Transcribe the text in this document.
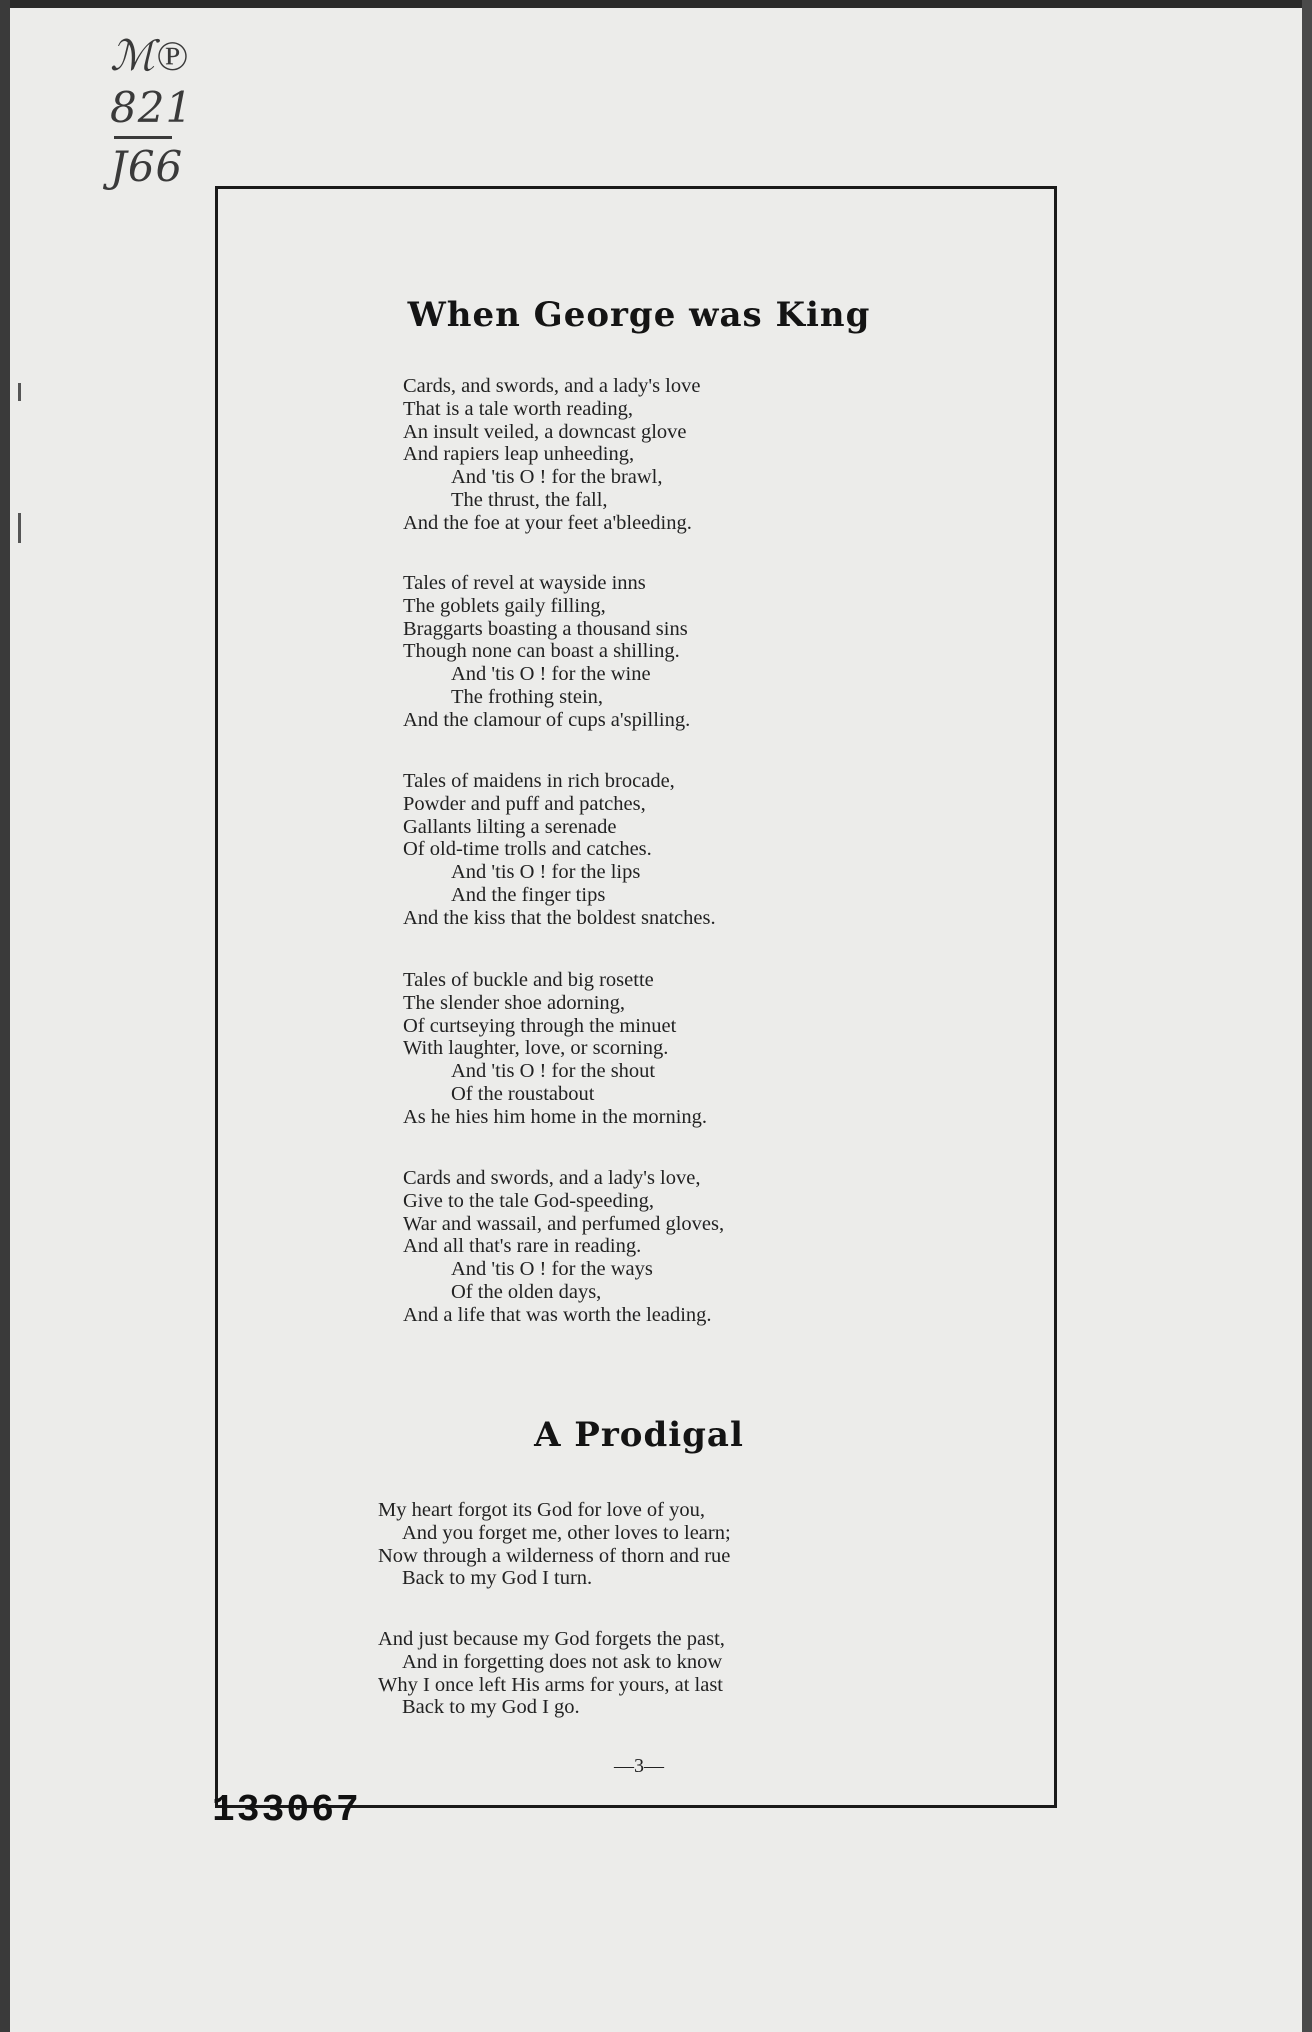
ℳ℗
821
J66
When George was King
Cards, and swords, and a lady's love
That is a tale worth reading,
An insult veiled, a downcast glove
And rapiers leap unheeding,
And 'tis O ! for the brawl,
The thrust, the fall,
And the foe at your feet a'bleeding.
Tales of revel at wayside inns
The goblets gaily filling,
Braggarts boasting a thousand sins
Though none can boast a shilling.
And 'tis O ! for the wine
The frothing stein,
And the clamour of cups a'spilling.
Tales of maidens in rich brocade,
Powder and puff and patches,
Gallants lilting a serenade
Of old-time trolls and catches.
And 'tis O ! for the lips
And the finger tips
And the kiss that the boldest snatches.
Tales of buckle and big rosette
The slender shoe adorning,
Of curtseying through the minuet
With laughter, love, or scorning.
And 'tis O ! for the shout
Of the roustabout
As he hies him home in the morning.
Cards and swords, and a lady's love,
Give to the tale God-speeding,
War and wassail, and perfumed gloves,
And all that's rare in reading.
And 'tis O ! for the ways
Of the olden days,
And a life that was worth the leading.
A Prodigal
My heart forgot its God for love of you,
And you forget me, other loves to learn;
Now through a wilderness of thorn and rue
Back to my God I turn.
And just because my God forgets the past,
And in forgetting does not ask to know
Why I once left His arms for yours, at last
Back to my God I go.
—3—
133067
